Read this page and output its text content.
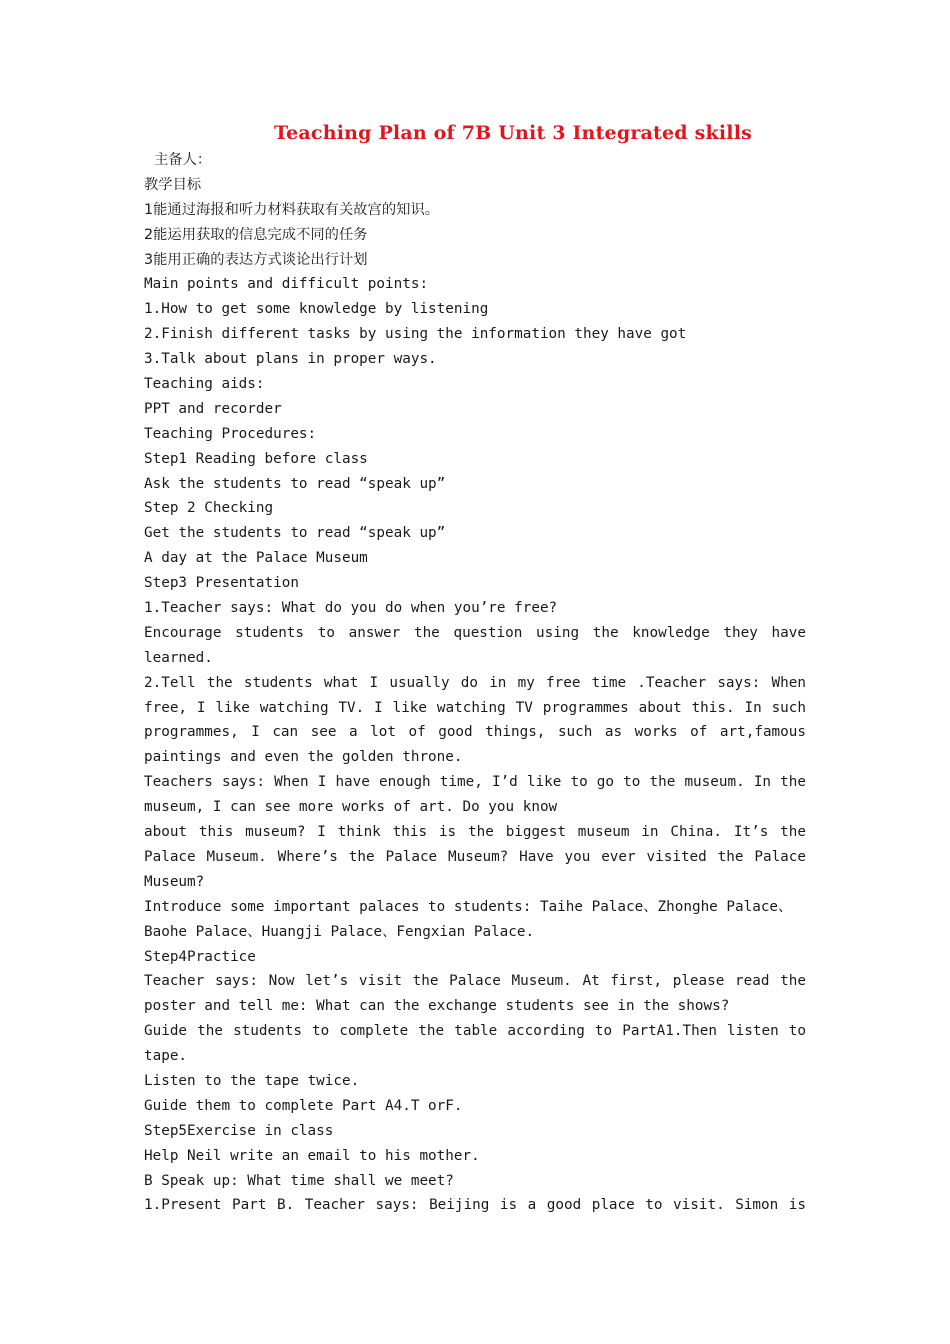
Teaching Plan of 7B Unit 3 Integrated skills
主备人：
教学目标
1能通过海报和听力材料获取有关故宫的知识。
2能运用获取的信息完成不同的任务
3能用正确的表达方式谈论出行计划
Main points and difficult points:
1.How to get some knowledge by listening
2.Finish different tasks by using the information they have got
3.Talk about plans in proper ways.
Teaching aids:
PPT and recorder
Teaching Procedures:
Step1 Reading before class
Ask the students to read “speak up”
Step 2 Checking
Get the students to read “speak up”
A day at the Palace Museum
Step3 Presentation
1.Teacher says: What do you do when you’re free?
Encourage students to answer the question using the knowledge they have
learned.
2.Tell the students what I usually do in my free time .Teacher says: When
free, I like watching TV. I like watching TV programmes about this. In such
programmes, I can see a lot of good things, such as works of art,famous
paintings and even the golden throne.
Teachers says: When I have enough time, I’d like to go to the museum. In the
museum, I can see more works of art. Do you know
about this museum? I think this is the biggest museum in China. It’s the
Palace Museum. Where’s the Palace Museum? Have you ever visited the Palace
Museum?
Introduce some important palaces to students: Taihe Palace、Zhonghe Palace、
Baohe Palace、Huangji Palace、Fengxian Palace.
Step4Practice
Teacher says: Now let’s visit the Palace Museum. At first, please read the
poster and tell me: What can the exchange students see in the shows?
Guide the students to complete the table according to PartA1.Then listen to
tape.
Listen to the tape twice.
Guide them to complete Part A4.T orF.
Step5Exercise in class
Help Neil write an email to his mother.
B Speak up: What time shall we meet?
1.Present Part B. Teacher says: Beijing is a good place to visit. Simon is
